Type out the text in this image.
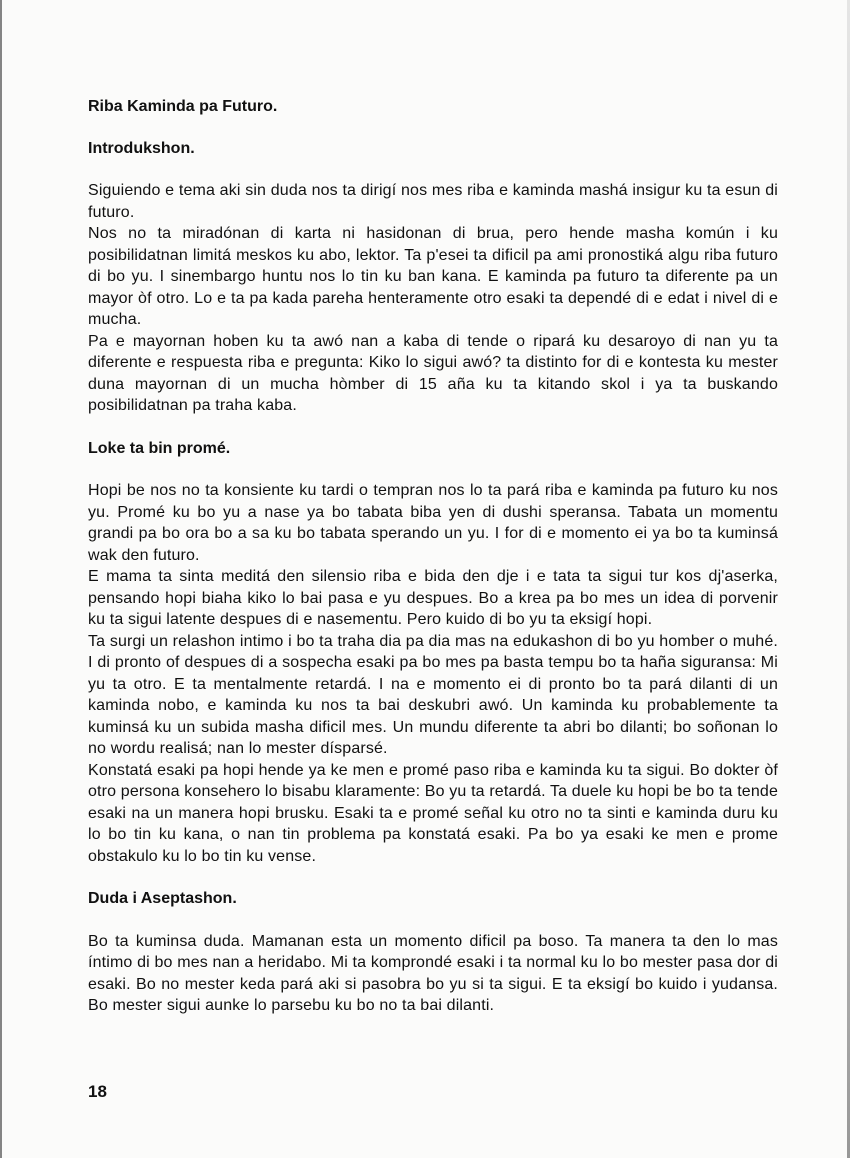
Riba Kaminda pa Futuro.

Introdukshon.

Siguiendo e tema aki sin duda nos ta dirigí nos mes riba e kaminda mashá insigur ku ta esun di futuro.

Nos no ta miradónan di karta ni hasidonan di brua, pero hende masha komún i ku posibilidatnan limitá meskos ku abo, lektor. Ta p'esei ta dificil pa ami pronostiká algu riba futuro di bo yu. I sinembargo huntu nos lo tin ku ban kana. E kaminda pa futuro ta diferente pa un mayor òf otro. Lo e ta pa kada pareha henteramente otro esaki ta dependé di e edat i nivel di e mucha.

Pa e mayornan hoben ku ta awó nan a kaba di tende o ripará ku desaroyo di nan yu ta diferente e respuesta riba e pregunta: Kiko lo sigui awó? ta distinto for di e kontesta ku mester duna mayornan di un mucha hòmber di 15 aña ku ta kitando skol i ya ta buskando posibilidatnan pa traha kaba.

Loke ta bin promé.

Hopi be nos no ta konsiente ku tardi o tempran nos lo ta pará riba e kaminda pa futuro ku nos yu. Promé ku bo yu a nase ya bo tabata biba yen di dushi speransa. Tabata un momentu grandi pa bo ora bo a sa ku bo tabata sperando un yu. I for di e momento ei ya bo ta kuminsá wak den futuro.

E mama ta sinta meditá den silensio riba e bida den dje i e tata ta sigui tur kos dj'aserka, pensando hopi biaha kiko lo bai pasa e yu despues. Bo a krea pa bo mes un idea di porvenir ku ta sigui latente despues di e nasementu. Pero kuido di bo yu ta eksigí hopi.

Ta surgi un relashon intimo i bo ta traha dia pa dia mas na edukashon di bo yu homber o muhé. I di pronto of despues di a sospecha esaki pa bo mes pa basta tempu bo ta haña siguransa: Mi yu ta otro. E ta mentalmente retardá. I na e momento ei di pronto bo ta pará dilanti di un kaminda nobo, e kaminda ku nos ta bai deskubri awó. Un kaminda ku probablemente ta kuminsá ku un subida masha dificil mes. Un mundu diferente ta abri bo dilanti; bo soñonan lo no wordu realisá; nan lo mester dísparsé.

Konstatá esaki pa hopi hende ya ke men e promé paso riba e kaminda ku ta sigui. Bo dokter òf otro persona konsehero lo bisabu klaramente: Bo yu ta retardá. Ta duele ku hopi be bo ta tende esaki na un manera hopi brusku. Esaki ta e promé señal ku otro no ta sinti e kaminda duru ku lo bo tin ku kana, o nan tin problema pa konstatá esaki. Pa bo ya esaki ke men e prome obstakulo ku lo bo tin ku vense.

Duda i Aseptashon.

Bo ta kuminsa duda. Mamanan esta un momento dificil pa boso. Ta manera ta den lo mas íntimo di bo mes nan a heridabo. Mi ta komprondé esaki i ta normal ku lo bo mester pasa dor di esaki. Bo no mester keda pará aki si pasobra bo yu si ta sigui. E ta eksigí bo kuido i yudansa. Bo mester sigui aunke lo parsebu ku bo no ta bai dilanti.

18
